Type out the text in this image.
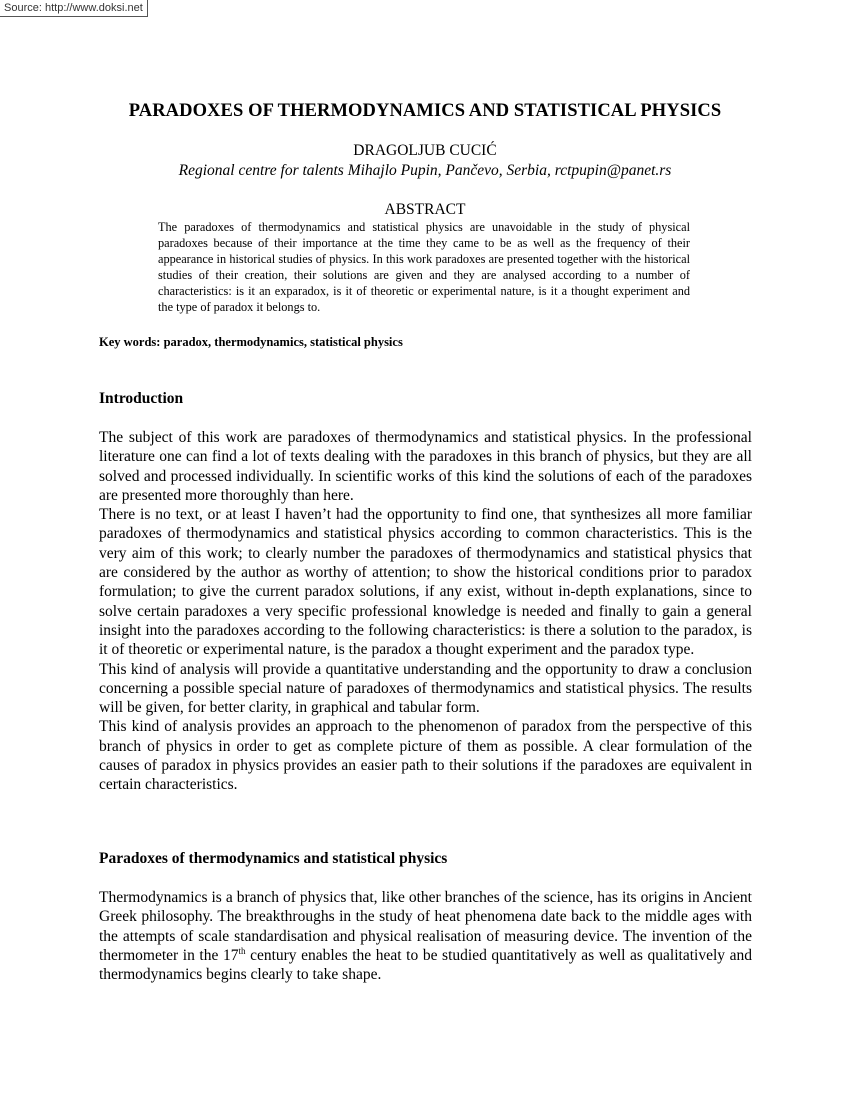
Source: http://www.doksi.net
PARADOXES OF THERMODYNAMICS AND STATISTICAL PHYSICS
DRAGOLJUB CUCIĆ
Regional centre for talents Mihajlo Pupin, Pančevo, Serbia, rctpupin@panet.rs
ABSTRACT

The paradoxes of thermodynamics and statistical physics are unavoidable in the study of physical paradoxes because of their importance at the time they came to be as well as the frequency of their appearance in historical studies of physics. In this work paradoxes are presented together with the historical studies of their creation, their solutions are given and they are analysed according to a number of characteristics: is it an exparadox, is it of theoretic or experimental nature, is it a thought experiment and the type of paradox it belongs to.

Key words: paradox, thermodynamics, statistical physics
Introduction

The subject of this work are paradoxes of thermodynamics and statistical physics. In the professional literature one can find a lot of texts dealing with the paradoxes in this branch of physics, but they are all solved and processed individually. In scientific works of this kind the solutions of each of the paradoxes are presented more thoroughly than here.

There is no text, or at least I haven’t had the opportunity to find one, that synthesizes all more familiar paradoxes of thermodynamics and statistical physics according to common characteristics. This is the very aim of this work; to clearly number the paradoxes of thermodynamics and statistical physics that are considered by the author as worthy of attention; to show the historical conditions prior to paradox formulation; to give the current paradox solutions, if any exist, without in-depth explanations, since to solve certain paradoxes a very specific professional knowledge is needed and finally to gain a general insight into the paradoxes according to the following characteristics: is there a solution to the paradox, is it of theoretic or experimental nature, is the paradox a thought experiment and the paradox type.

This kind of analysis will provide a quantitative understanding and the opportunity to draw a conclusion concerning a possible special nature of paradoxes of thermodynamics and statistical physics. The results will be given, for better clarity, in graphical and tabular form.

This kind of analysis provides an approach to the phenomenon of paradox from the perspective of this branch of physics in order to get as complete picture of them as possible. A clear formulation of the causes of paradox in physics provides an easier path to their solutions if the paradoxes are equivalent in certain characteristics.

Paradoxes of thermodynamics and statistical physics

Thermodynamics is a branch of physics that, like other branches of the science, has its origins in Ancient Greek philosophy. The breakthroughs in the study of heat phenomena date back to the middle ages with the attempts of scale standardisation and physical realisation of measuring device. The invention of the thermometer in the 17th century enables the heat to be studied quantitatively as well as qualitatively and thermodynamics begins clearly to take shape.
